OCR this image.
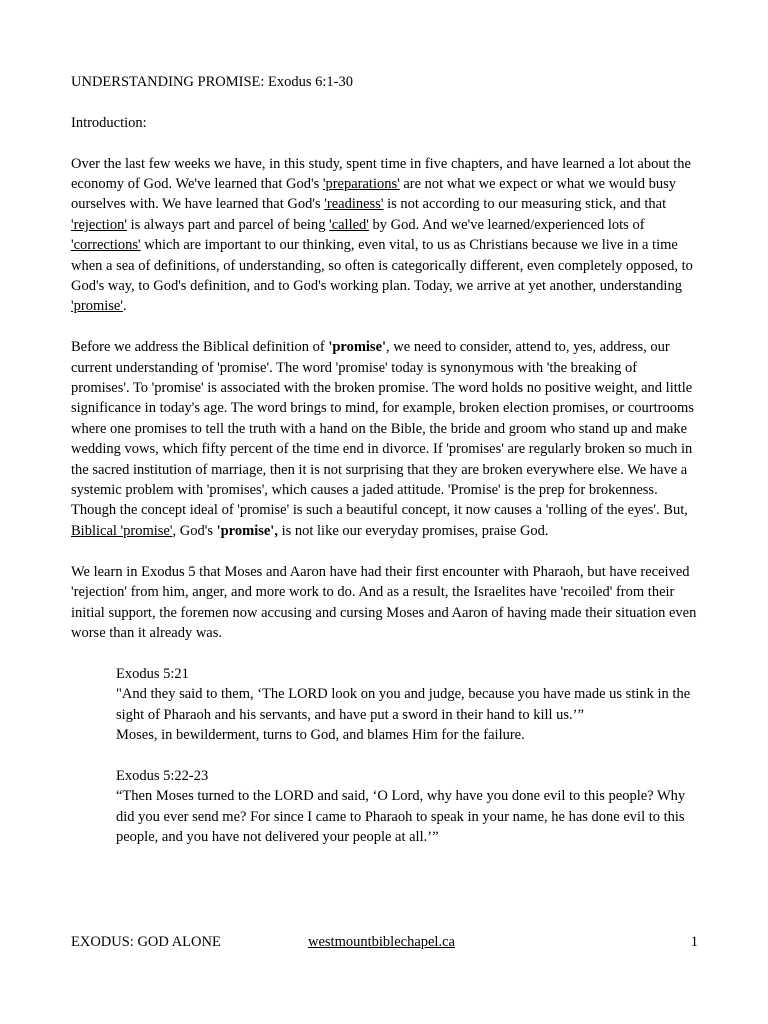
UNDERSTANDING PROMISE: Exodus 6:1-30

Introduction:

Over the last few weeks we have, in this study, spent time in five chapters, and have learned a lot about the economy of God. We've learned that God's 'preparations' are not what we expect or what we would busy ourselves with. We have learned that God's 'readiness' is not according to our measuring stick, and that 'rejection' is always part and parcel of being 'called' by God. And we've learned/experienced lots of 'corrections' which are important to our thinking, even vital, to us as Christians because we live in a time when a sea of definitions, of understanding, so often is categorically different, even completely opposed, to God's way, to God's definition, and to God's working plan. Today, we arrive at yet another, understanding 'promise'.

Before we address the Biblical definition of 'promise', we need to consider, attend to, yes, address, our current understanding of 'promise'. The word 'promise' today is synonymous with 'the breaking of promises'. To 'promise' is associated with the broken promise. The word holds no positive weight, and little significance in today's age. The word brings to mind, for example, broken election promises, or courtrooms where one promises to tell the truth with a hand on the Bible, the bride and groom who stand up and make wedding vows, which fifty percent of the time end in divorce. If 'promises' are regularly broken so much in the sacred institution of marriage, then it is not surprising that they are broken everywhere else. We have a systemic problem with 'promises', which causes a jaded attitude. 'Promise' is the prep for brokenness. Though the concept ideal of 'promise' is such a beautiful concept, it now causes a 'rolling of the eyes'. But, Biblical 'promise', God's 'promise', is not like our everyday promises, praise God.

We learn in Exodus 5 that Moses and Aaron have had their first encounter with Pharaoh, but have received 'rejection' from him, anger, and more work to do. And as a result, the Israelites have 'recoiled' from their initial support, the foremen now accusing and cursing Moses and Aaron of having made their situation even worse than it already was.

Exodus 5:21

"And they said to them, ‘The LORD look on you and judge, because you have made us stink in the sight of Pharaoh and his servants, and have put a sword in their hand to kill us.’”

Moses, in bewilderment, turns to God, and blames Him for the failure.

Exodus 5:22-23

“Then Moses turned to the LORD and said, ‘O Lord, why have you done evil to this people? Why did you ever send me? For since I came to Pharaoh to speak in your name, he has done evil to this people, and you have not delivered your people at all.’”

EXODUS: GOD ALONE	westmountbiblechapel.ca	1
